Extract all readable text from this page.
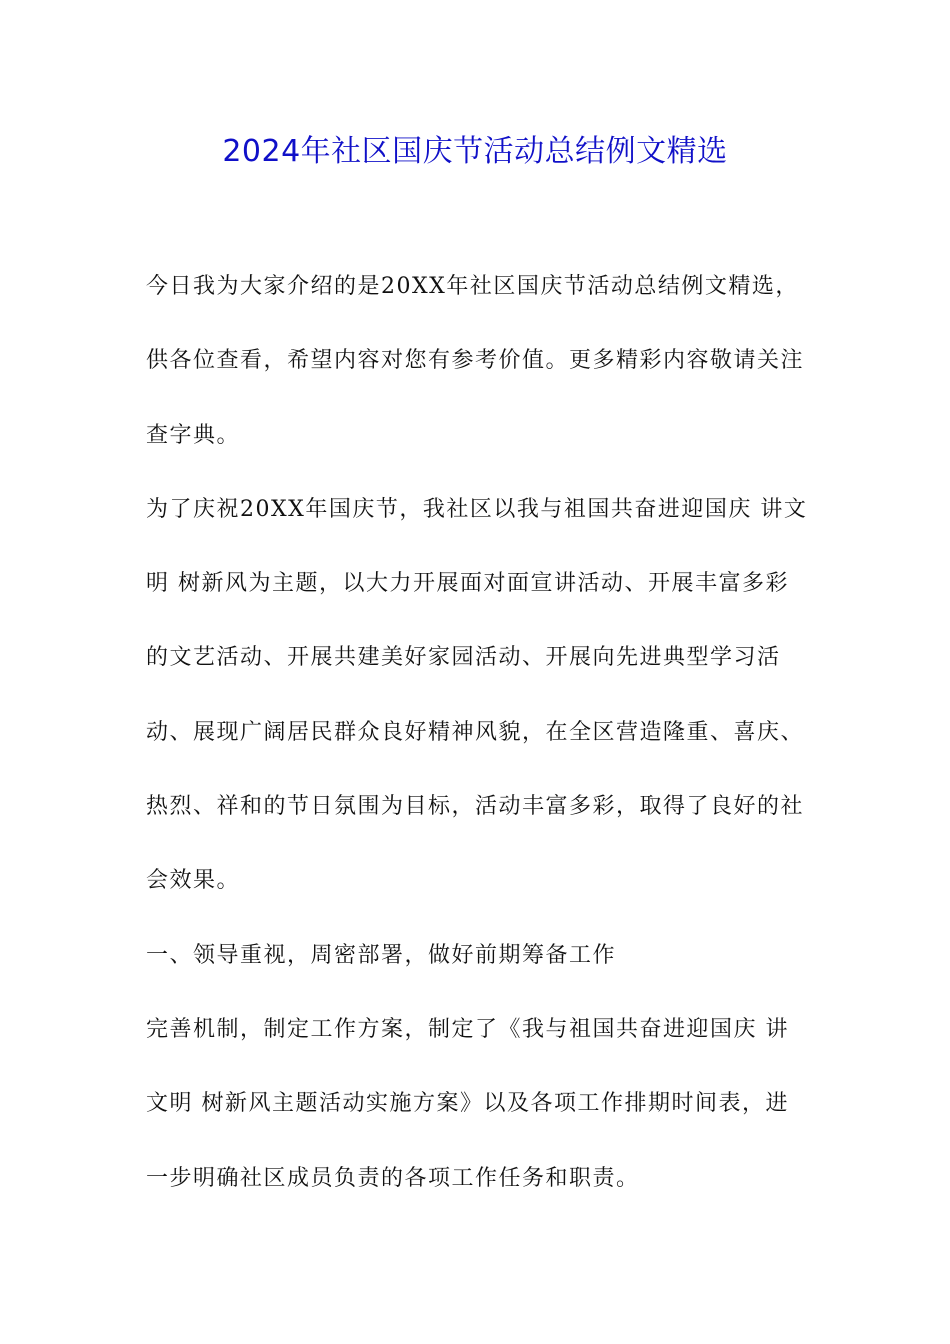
2024年社区国庆节活动总结例文精选

今日我为大家介绍的是20XX年社区国庆节活动总结例文精选，供各位查看，希望内容对您有参考价值。更多精彩内容敬请关注查字典。

为了庆祝20XX年国庆节，我社区以我与祖国共奋进迎国庆 讲文明 树新风为主题，以大力开展面对面宣讲活动、开展丰富多彩的文艺活动、开展共建美好家园活动、开展向先进典型学习活动、展现广阔居民群众良好精神风貌，在全区营造隆重、喜庆、热烈、祥和的节日氛围为目标，活动丰富多彩，取得了良好的社会效果。

一、领导重视，周密部署，做好前期筹备工作

完善机制，制定工作方案，制定了《我与祖国共奋进迎国庆 讲文明 树新风主题活动实施方案》以及各项工作排期时间表，进一步明确社区成员负责的各项工作任务和职责。
